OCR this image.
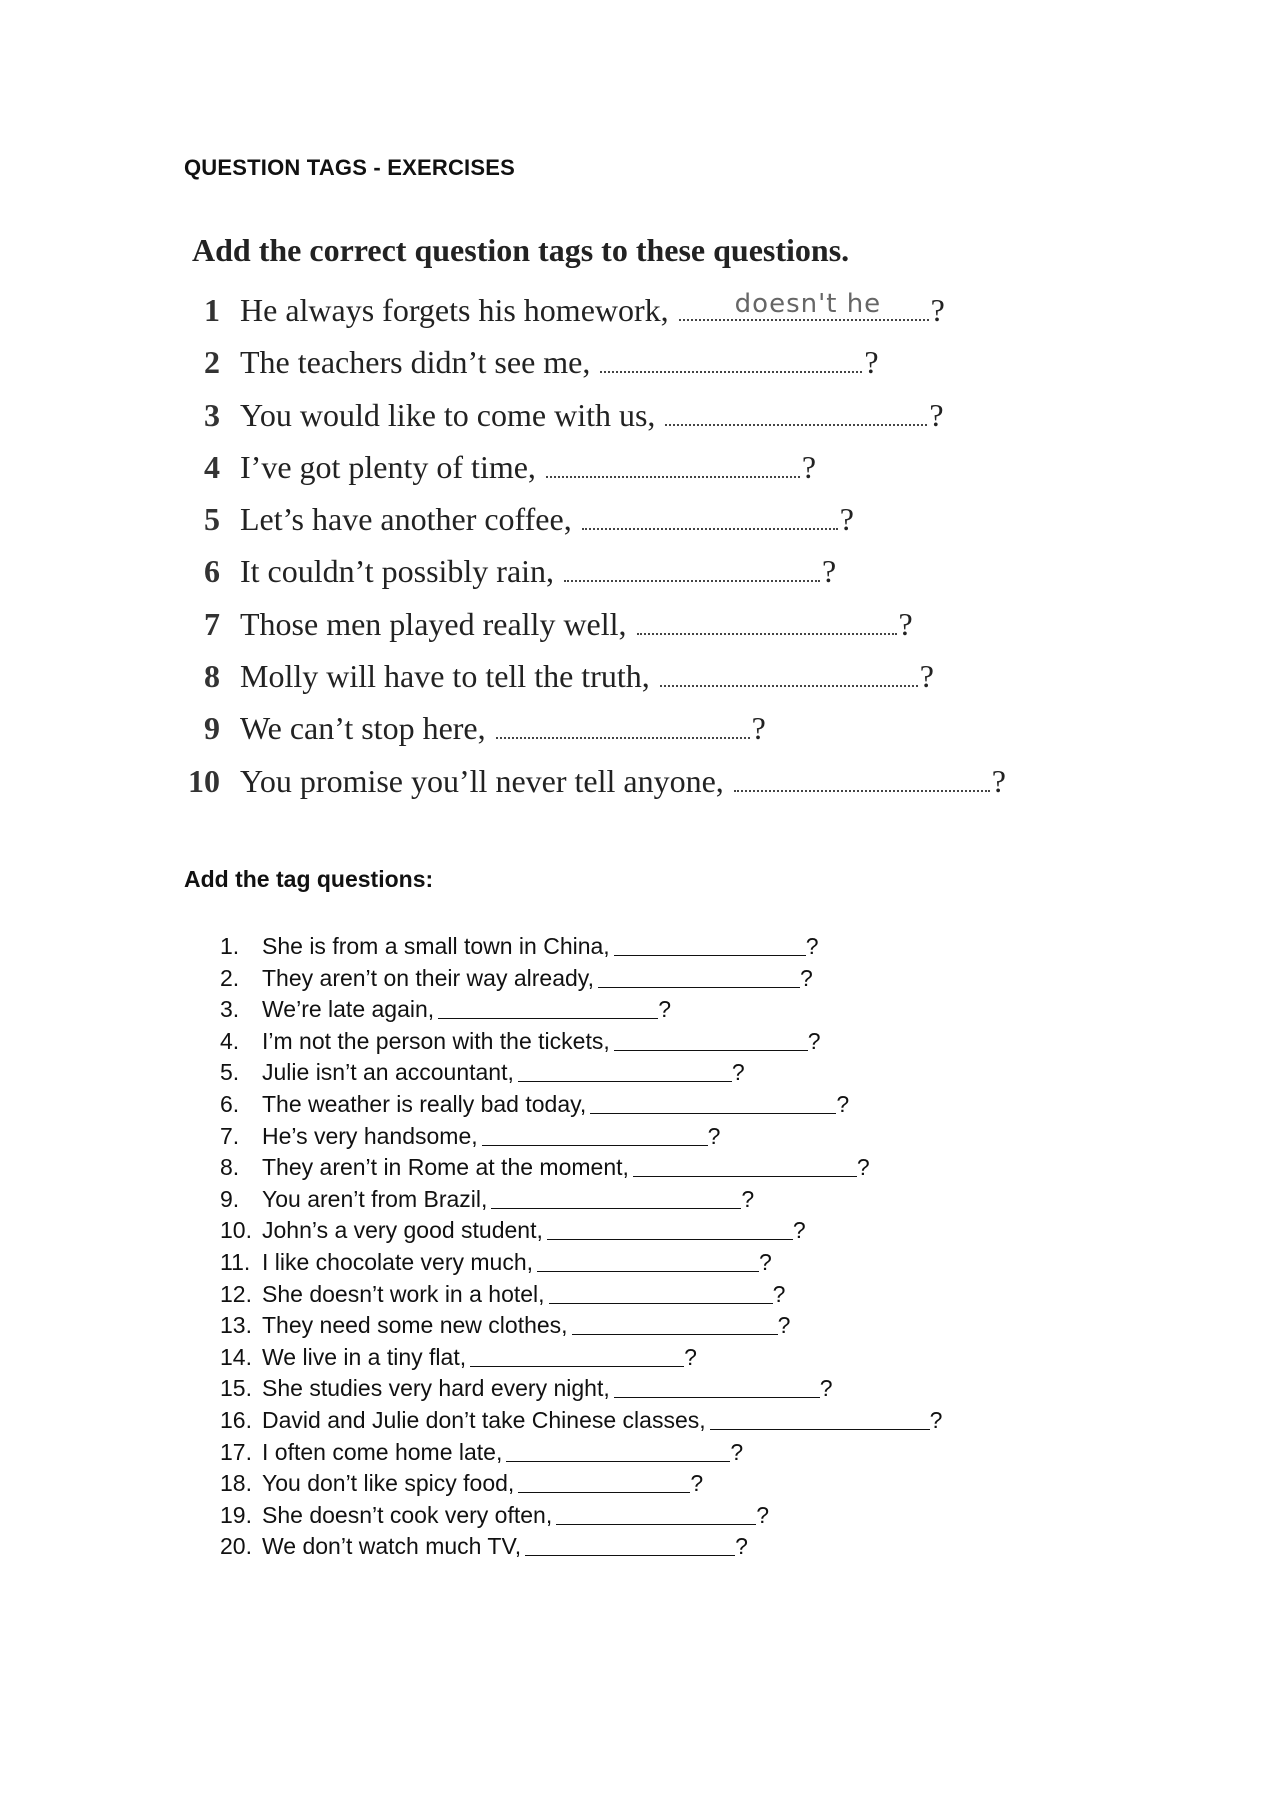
QUESTION TAGS - EXERCISES
Add the correct question tags to these questions.
1 He always forgets his homework,	doesn't he ?
2 The teachers didn’t see me,	?
3 You would like to come with us,	?
4 I’ve got plenty of time,	?
5 Let’s have another coffee,	?
6 It couldn’t possibly rain,	?
7 Those men played really well,	?
8 Molly will have to tell the truth,	?
9 We can’t stop here,	?
10 You promise you’ll never tell anyone,	?
Add the tag questions:
1. She is from a small town in China,	?
2. They aren’t on their way already,	?
3. We’re late again,	?
4. I’m not the person with the tickets,	?
5. Julie isn’t an accountant,	?
6. The weather is really bad today,	?
7. He’s very handsome,	?
8. They aren’t in Rome at the moment,	?
9. You aren’t from Brazil,	?
10. John’s a very good student,	?
11. I like chocolate very much,	?
12. She doesn’t work in a hotel,	?
13. They need some new clothes,	?
14. We live in a tiny flat,	?
15. She studies very hard every night,	?
16. David and Julie don’t take Chinese classes,	?
17. I often come home late,	?
18. You don’t like spicy food,	?
19. She doesn’t cook very often,	?
20. We don’t watch much TV,	?
